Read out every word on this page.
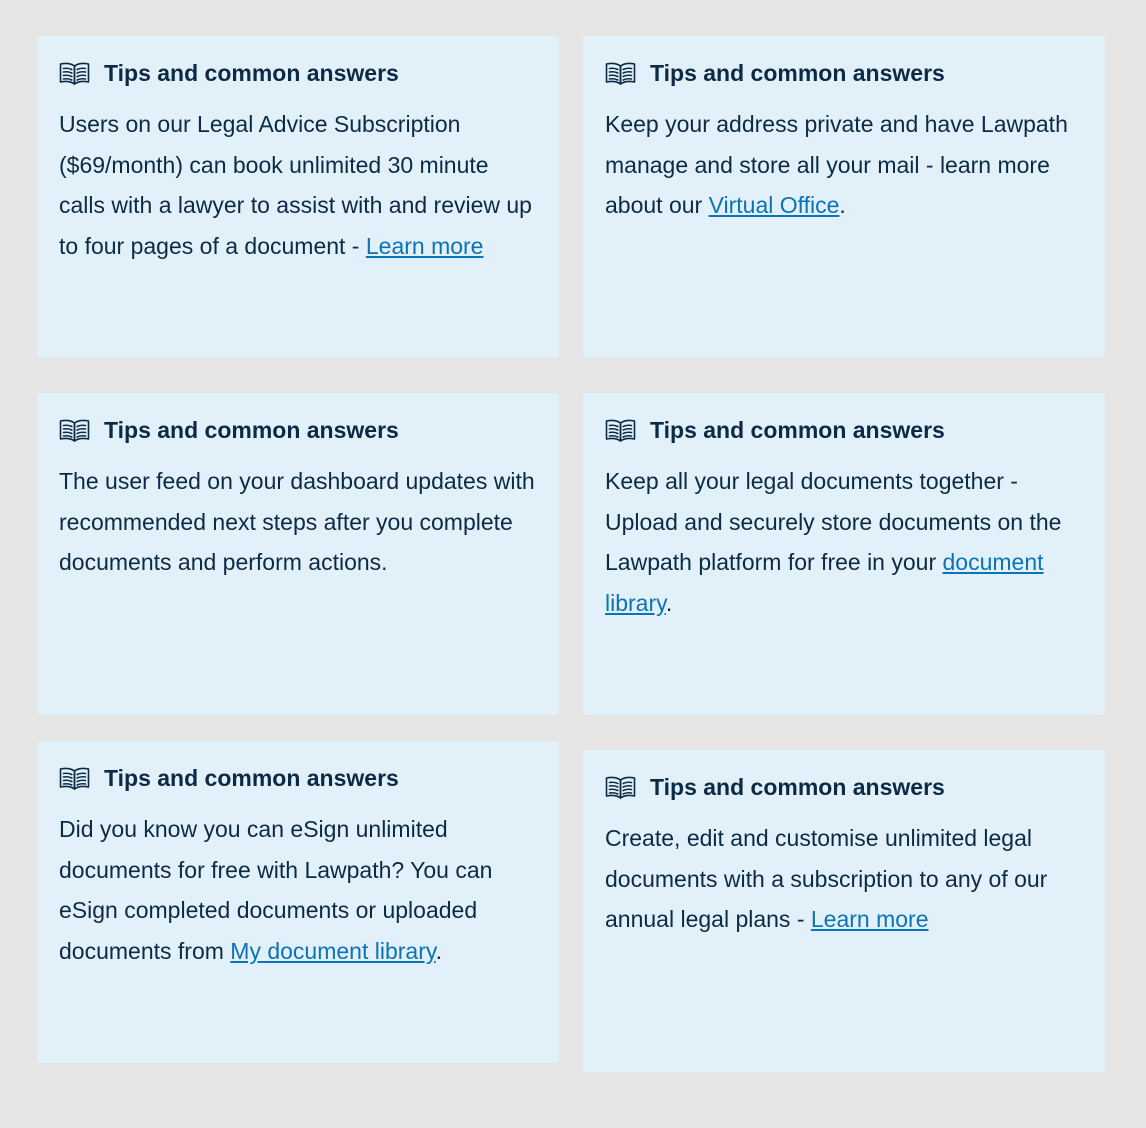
Tips and common answers

Users on our Legal Advice Subscription ($69/month) can book unlimited 30 minute calls with a lawyer to assist with and review up to four pages of a document - Learn more

Tips and common answers

Keep your address private and have Lawpath manage and store all your mail - learn more about our Virtual Office.

Tips and common answers

The user feed on your dashboard updates with recommended next steps after you complete documents and perform actions.

Tips and common answers

Keep all your legal documents together - Upload and securely store documents on the Lawpath platform for free in your document library.

Tips and common answers

Did you know you can eSign unlimited documents for free with Lawpath? You can eSign completed documents or uploaded documents from My document library.

Tips and common answers

Create, edit and customise unlimited legal documents with a subscription to any of our annual legal plans - Learn more
